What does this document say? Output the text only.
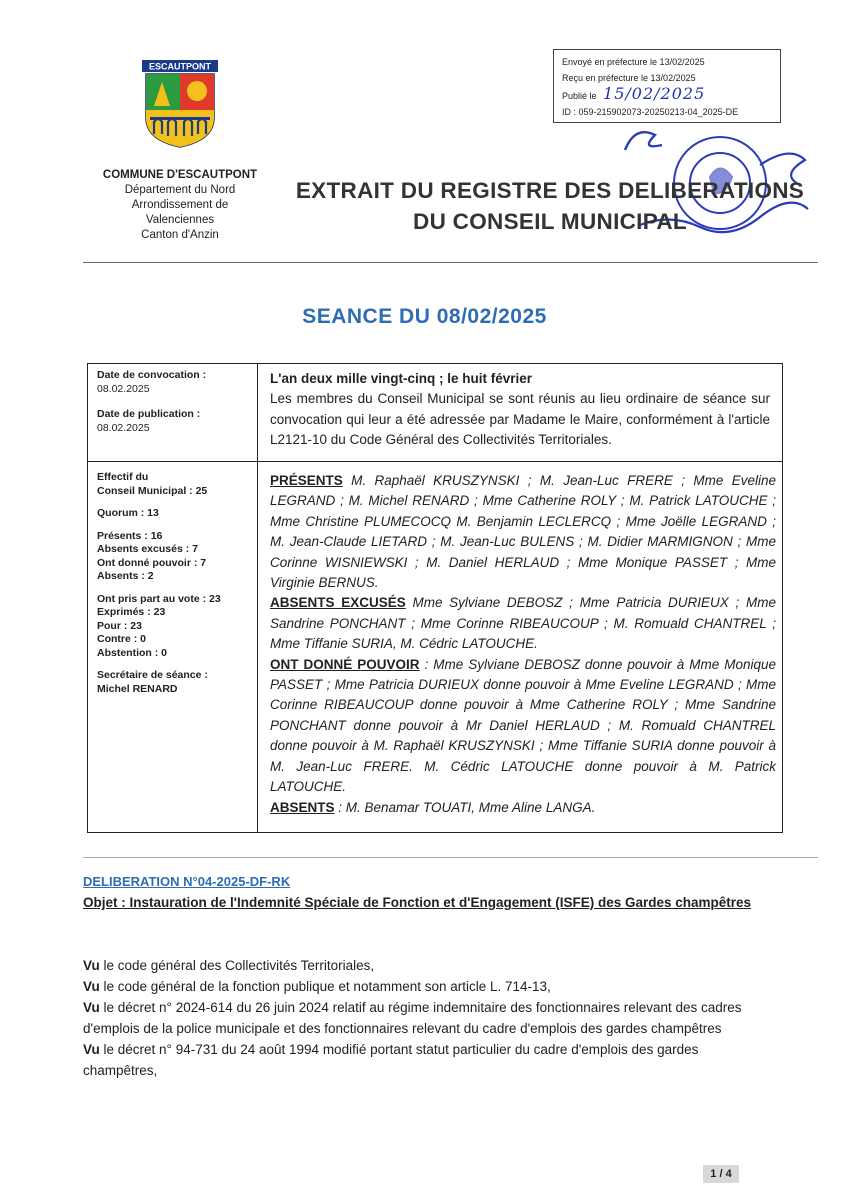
ESCAUTPONT
COMMUNE D'ESCAUTPONT
Département du Nord
Arrondissement de
Valenciennes
Canton d'Anzin
Envoyé en préfecture le 13/02/2025
Reçu en préfecture le 13/02/2025
Publié le 15/02/2025
ID : 059-215902073-20250213-04_2025-DE
EXTRAIT DU REGISTRE DES DELIBERATIONS
DU CONSEIL MUNICIPAL
SEANCE DU 08/02/2025
Date de convocation :
08.02.2025
Date de publication :
08.02.2025
Effectif du
Conseil Municipal : 25
Quorum : 13
Présents : 16
Absents excusés : 7
Ont donné pouvoir : 7
Absents : 2
Ont pris part au vote : 23
Exprimés : 23
Pour : 23
Contre : 0
Abstention : 0
Secrétaire de séance :
Michel RENARD
L'an deux mille vingt-cinq ; le huit février
Les membres du Conseil Municipal se sont réunis au lieu ordinaire de séance sur convocation qui leur a été adressée par Madame le Maire, conformément à l'article L2121-10 du Code Général des Collectivités Territoriales.
PRÉSENTS M. Raphaël KRUSZYNSKI ; M. Jean-Luc FRERE ; Mme Eveline LEGRAND ; M. Michel RENARD ; Mme Catherine ROLY ; M. Patrick LATOUCHE ; Mme Christine PLUMECOCQ M. Benjamin LECLERCQ ; Mme Joëlle LEGRAND ; M. Jean-Claude LIETARD ; M. Jean-Luc BULENS ; M. Didier MARMIGNON ; Mme Corinne WISNIEWSKI ; M. Daniel HERLAUD ; Mme Monique PASSET ; Mme Virginie BERNUS.
ABSENTS EXCUSÉS Mme Sylviane DEBOSZ ; Mme Patricia DURIEUX ; Mme Sandrine PONCHANT ; Mme Corinne RIBEAUCOUP ; M. Romuald CHANTREL ; Mme Tiffanie SURIA, M. Cédric LATOUCHE.
ONT DONNÉ POUVOIR : Mme Sylviane DEBOSZ donne pouvoir à Mme Monique PASSET ; Mme Patricia DURIEUX donne pouvoir à Mme Eveline LEGRAND ; Mme Corinne RIBEAUCOUP donne pouvoir à Mme Catherine ROLY ; Mme Sandrine PONCHANT donne pouvoir à Mr Daniel HERLAUD ; M. Romuald CHANTREL donne pouvoir à M. Raphaël KRUSZYNSKI ; Mme Tiffanie SURIA donne pouvoir à M. Jean-Luc FRERE. M. Cédric LATOUCHE donne pouvoir à M. Patrick LATOUCHE.
ABSENTS : M. Benamar TOUATI, Mme Aline LANGA.
DELIBERATION N°04-2025-DF-RK
Objet : Instauration de l'Indemnité Spéciale de Fonction et d'Engagement (ISFE) des Gardes champêtres
Vu le code général des Collectivités Territoriales,
Vu le code général de la fonction publique et notamment son article L. 714-13,
Vu le décret n° 2024-614 du 26 juin 2024 relatif au régime indemnitaire des fonctionnaires relevant des cadres d'emplois de la police municipale et des fonctionnaires relevant du cadre d'emplois des gardes champêtres
Vu le décret n° 94-731 du 24 août 1994 modifié portant statut particulier du cadre d'emplois des gardes champêtres,
1 / 4
